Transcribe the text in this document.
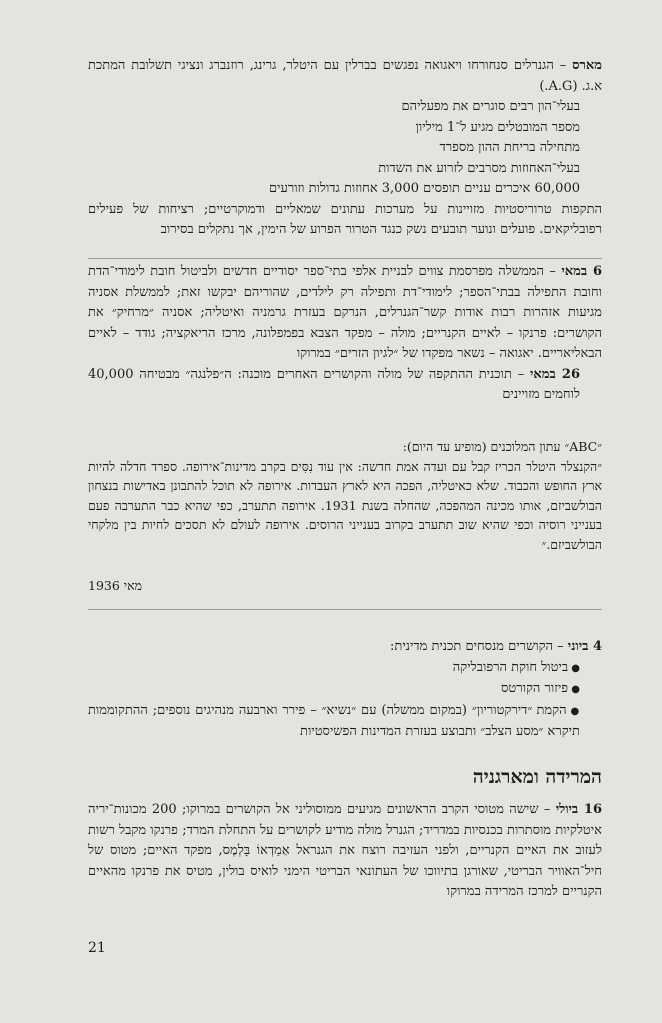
מארס – הגנרלים סנחורחו ויאגואה נפגשים בברלין עם היטלר, גרינג, רוזנברג ונציגי תשלובת המתכת א.ג. (A.G.)

בעלי־הון רבים סוגרים את מפעליהם
מספר המובטלים מגיע ל־1 מיליון
מתחילה בריחת ההון מספרד
בעלי־האחוזות מסרבים לזרוע את השדות
60,000 איכרים עניים תופסים 3,000 אחוזות גדולות וזורעים

התקפות טרוריסטיות מזויינות על מערכות עתונים שמאליים ודמוקרטיים; רציחות של פעילים רפובליקאים. פועלים ונוער תובעים נשק כנגד הטרור הפרוע של הימין, אך נתקלים בסירוב

6 במאי – הממשלה מפרסמת צווים לבניית אלפי בתי־ספר יסודיים חדשים ולביטול חובת לימודי־הדת וחובת התפילה בבתי־הספר; לימודי־דת ותפילה רק לילדים, שהוריהם יבקשו זאת; לממשלת אסניה מגיעות אזהרות רבות אודות קשר־הגנרלים, הנרקם בעזרת גרמניה ואיטליה; אסניה ״מרחיק״ את הקושרים: פרנקו – לאיים הקנריים; מולה – מפקד הצבא בפמפלונה, מרכז הריאקציה; גודד – לאיים הבאליאריים. יאגואה – נשאר מפקדו של ״לגיון הזרים״ במרוקו

26 במאי – תוכנית ההתקפה של מולה והקושרים האחרים מוכנה: ה״פלנגה״ מבטיחה 40,000 לוחמים מזויינים

״ABC״ עתון המלוכנים (מופיע עד היום):

״הקנצלר היטלר הכריז קבל עם ועדה אמת חדשה: אין עוד נִסִּים בקרב מדינות־אירופה. ספרד חדלה להיות ארץ החופש והכבוד. שלא כאיטליה, הפכה היא לארץ העבדות. אירופה לא תוכל להתבונן באדישות בנצחון הבולשביזם, אותו מכינה המהפכה, שהחלה בשנת 1931. אירופה תתערב, כפי שהיא כבר התערבה פעם בענייני רוסיה וכפי שהיא שוב תתערב בקרוב בענייני הרוסים. אירופה לעולם לא תסכים לחיות בין מלקחי הבולשביזם.״

מאי 1936

4 ביוני – הקושרים מנסחים תכנית מדינית:

● ביטול חוקת הרפובליקה
● פיזור הקורטס

● הקמת ״דירקטוריון״ (במקום ממשלה) עם ״נשיא״ – פירר וארבעה מנהיגים נוספים; ההתקוממות תיקרא ״מסע הצלב״ ותבוצע בעזרת המדינות הפשיסטיות

המרידה ומארגניה

16 ביולי – שישה מטוסי הקרב הראשונים מגיעים ממוסוליני אל הקושרים במרוקו; 200 מכונות־יריה איטלקיות מוסתרות בכנסיות במדריד; הגנרל מולה מודיע לקושרים על התחלת המרד; פרנקו מקבל רשות לעזוב את האיים הקנריים, ולפני העזיבה רוצח את הגנראל אַמַדְאוֹ בָּלְמֶס, מפקד האיים; מטוס של חיל־האוויר הבריטי, שאורגן בתיווכו של העתונאי הבריטי הימני לואיס בולין, מטיס את פרנקו מהאיים הקנריים למרכז המרידה במרוקו

21
